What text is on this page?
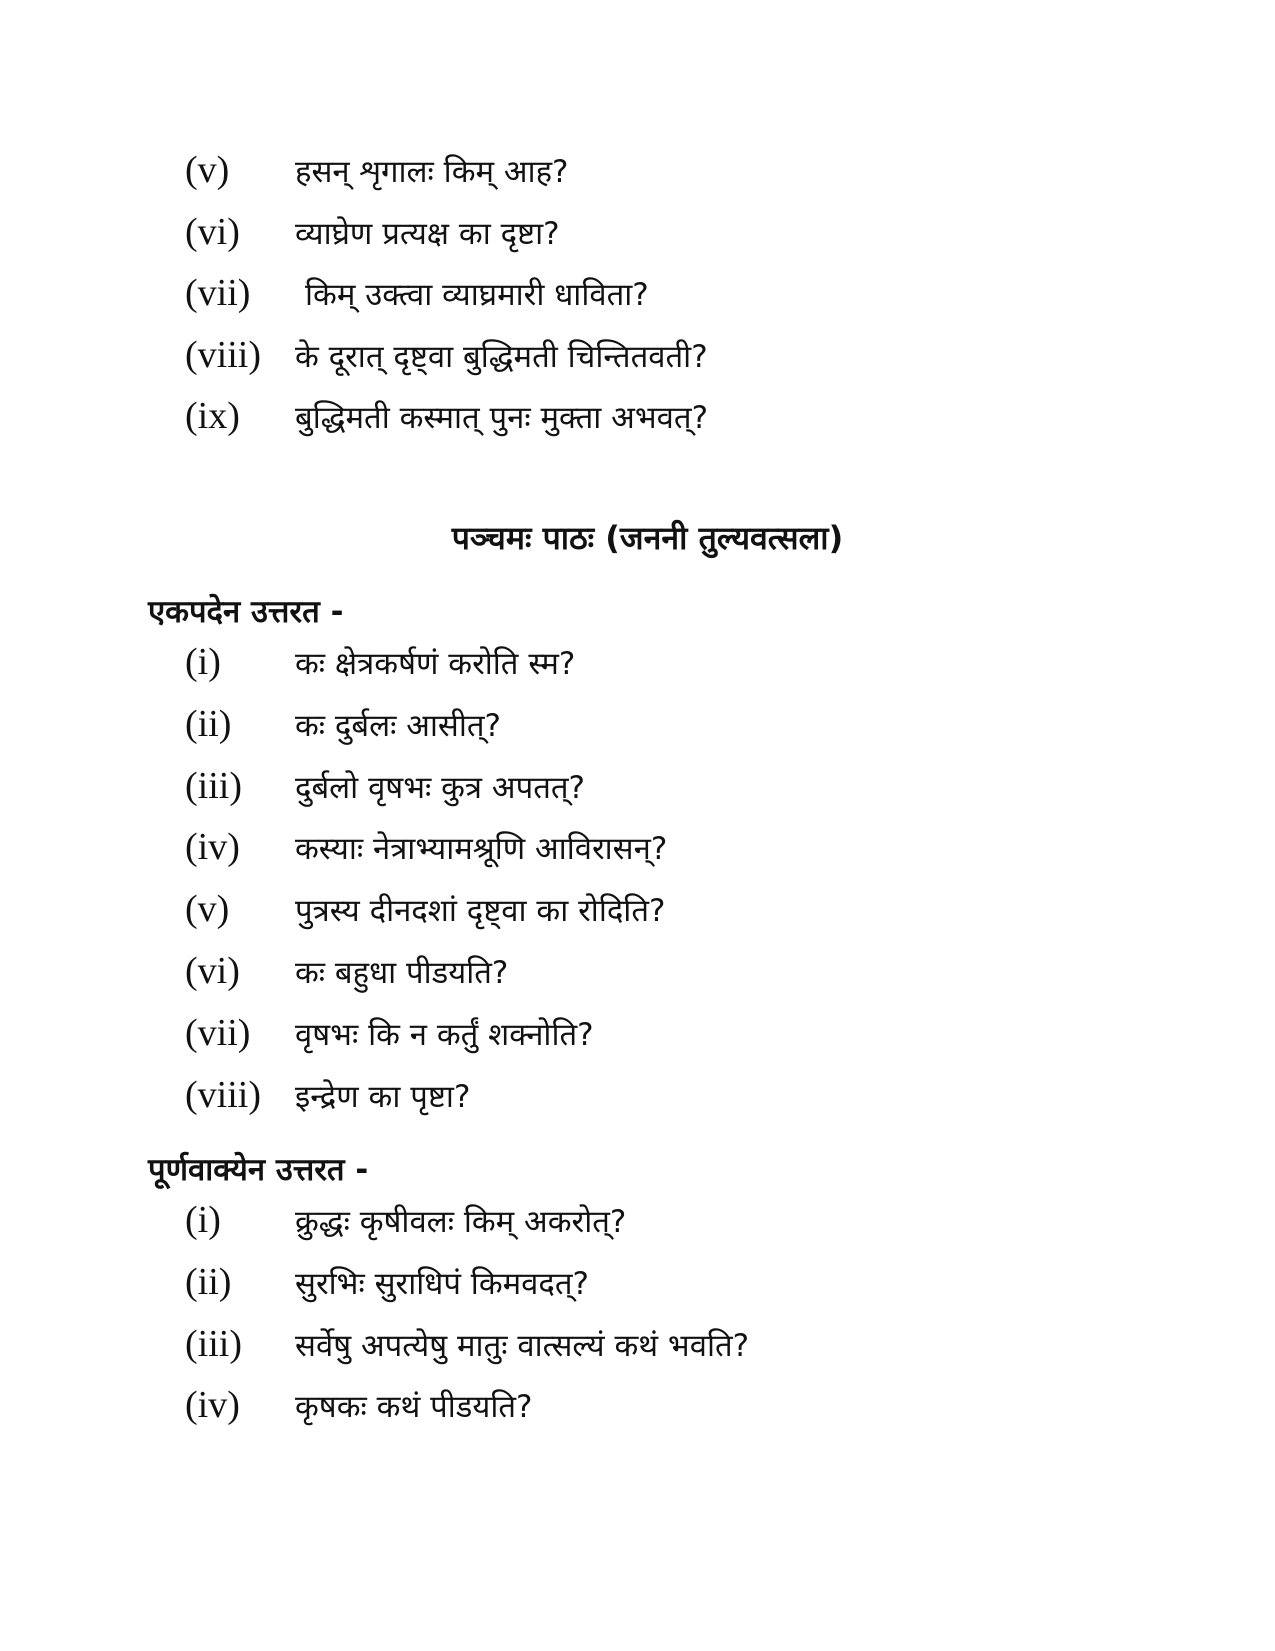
(v)	हसन् शृगालः किम् आह?
(vi)	व्याघ्रेण प्रत्यक्ष का दृष्टा?
(vii)	किम् उक्त्वा व्याघ्रमारी धाविता?
(viii)	के दूरात् दृष्ट्वा बुद्धिमती चिन्तितवती?
(ix)	बुद्धिमती कस्मात् पुनः मुक्ता अभवत्?
पञ्चमः पाठः (जननी तुल्यवत्सला)
एकपदेन उत्तरत -
(i)	कः क्षेत्रकर्षणं करोति स्म?
(ii)	कः दुर्बलः आसीत्?
(iii)	दुर्बलो वृषभः कुत्र अपतत्?
(iv)	कस्याः नेत्राभ्यामश्रूणि आविरासन्?
(v)	पुत्रस्य दीनदशां दृष्ट्वा का रोदिति?
(vi)	कः बहुधा पीडयति?
(vii)	वृषभः कि न कर्तुं शक्नोति?
(viii)	इन्द्रेण का पृष्टा?
पूर्णवाक्येन उत्तरत -
(i)	क्रुद्धः कृषीवलः किम् अकरोत्?
(ii)	सुरभिः सुराधिपं किमवदत्?
(iii)	सर्वेषु अपत्येषु मातुः वात्सल्यं कथं भवति?
(iv)	कृषकः कथं पीडयति?
